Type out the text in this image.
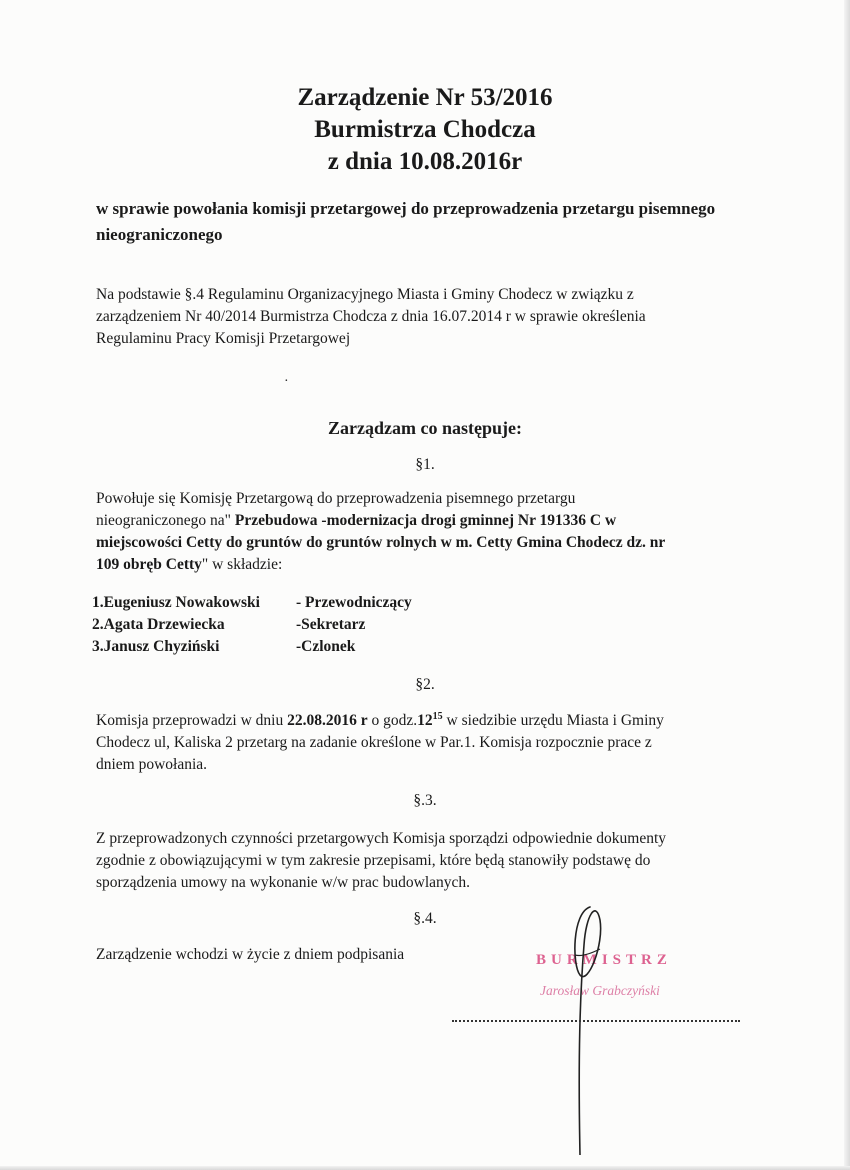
Zarządzenie Nr 53/2016
Burmistrza Chodcza
z dnia 10.08.2016r
w sprawie powołania komisji przetargowej do przeprowadzenia przetargu pisemnego nieograniczonego
Na podstawie §.4 Regulaminu Organizacyjnego Miasta i Gminy Chodecz w związku z
zarządzeniem Nr 40/2014 Burmistrza Chodcza z dnia 16.07.2014 r w sprawie określenia
Regulaminu Pracy Komisji Przetargowej
·
Zarządzam co następuje:
§1.
Powołuje się Komisję Przetargową do przeprowadzenia pisemnego przetargu
nieograniczonego na" Przebudowa -modernizacja drogi gminnej Nr 191336 C w
miejscowości Cetty do gruntów do gruntów rolnych w m. Cetty Gmina Chodecz dz. nr
109 obręb Cetty" w składzie:
1.Eugeniusz Nowakowski - Przewodniczący
2.Agata Drzewiecka	-Sekretarz
3.Janusz Chyziński	-Czlonek
§2.
Komisja przeprowadzi w dniu 22.08.2016 r o $godz.12^{15}$ w siedzibie urzędu Miasta i Gminy
Chodecz ul, Kaliska 2 przetarg na zadanie określone w Par.1. Komisja rozpocznie prace z
dniem powołania.
§.3.
Z przeprowadzonych czynności przetargowych Komisja sporządzi odpowiednie dokumenty
zgodnie z obowiązującymi w tym zakresie przepisami, które będą stanowiły podstawę do
sporządzenia umowy na wykonanie w/w prac budowlanych.
§.4.
Zarządzenie wchodzi w życie z dniem podpisania	BURMISTRZ
Jarosław Grabczyński
